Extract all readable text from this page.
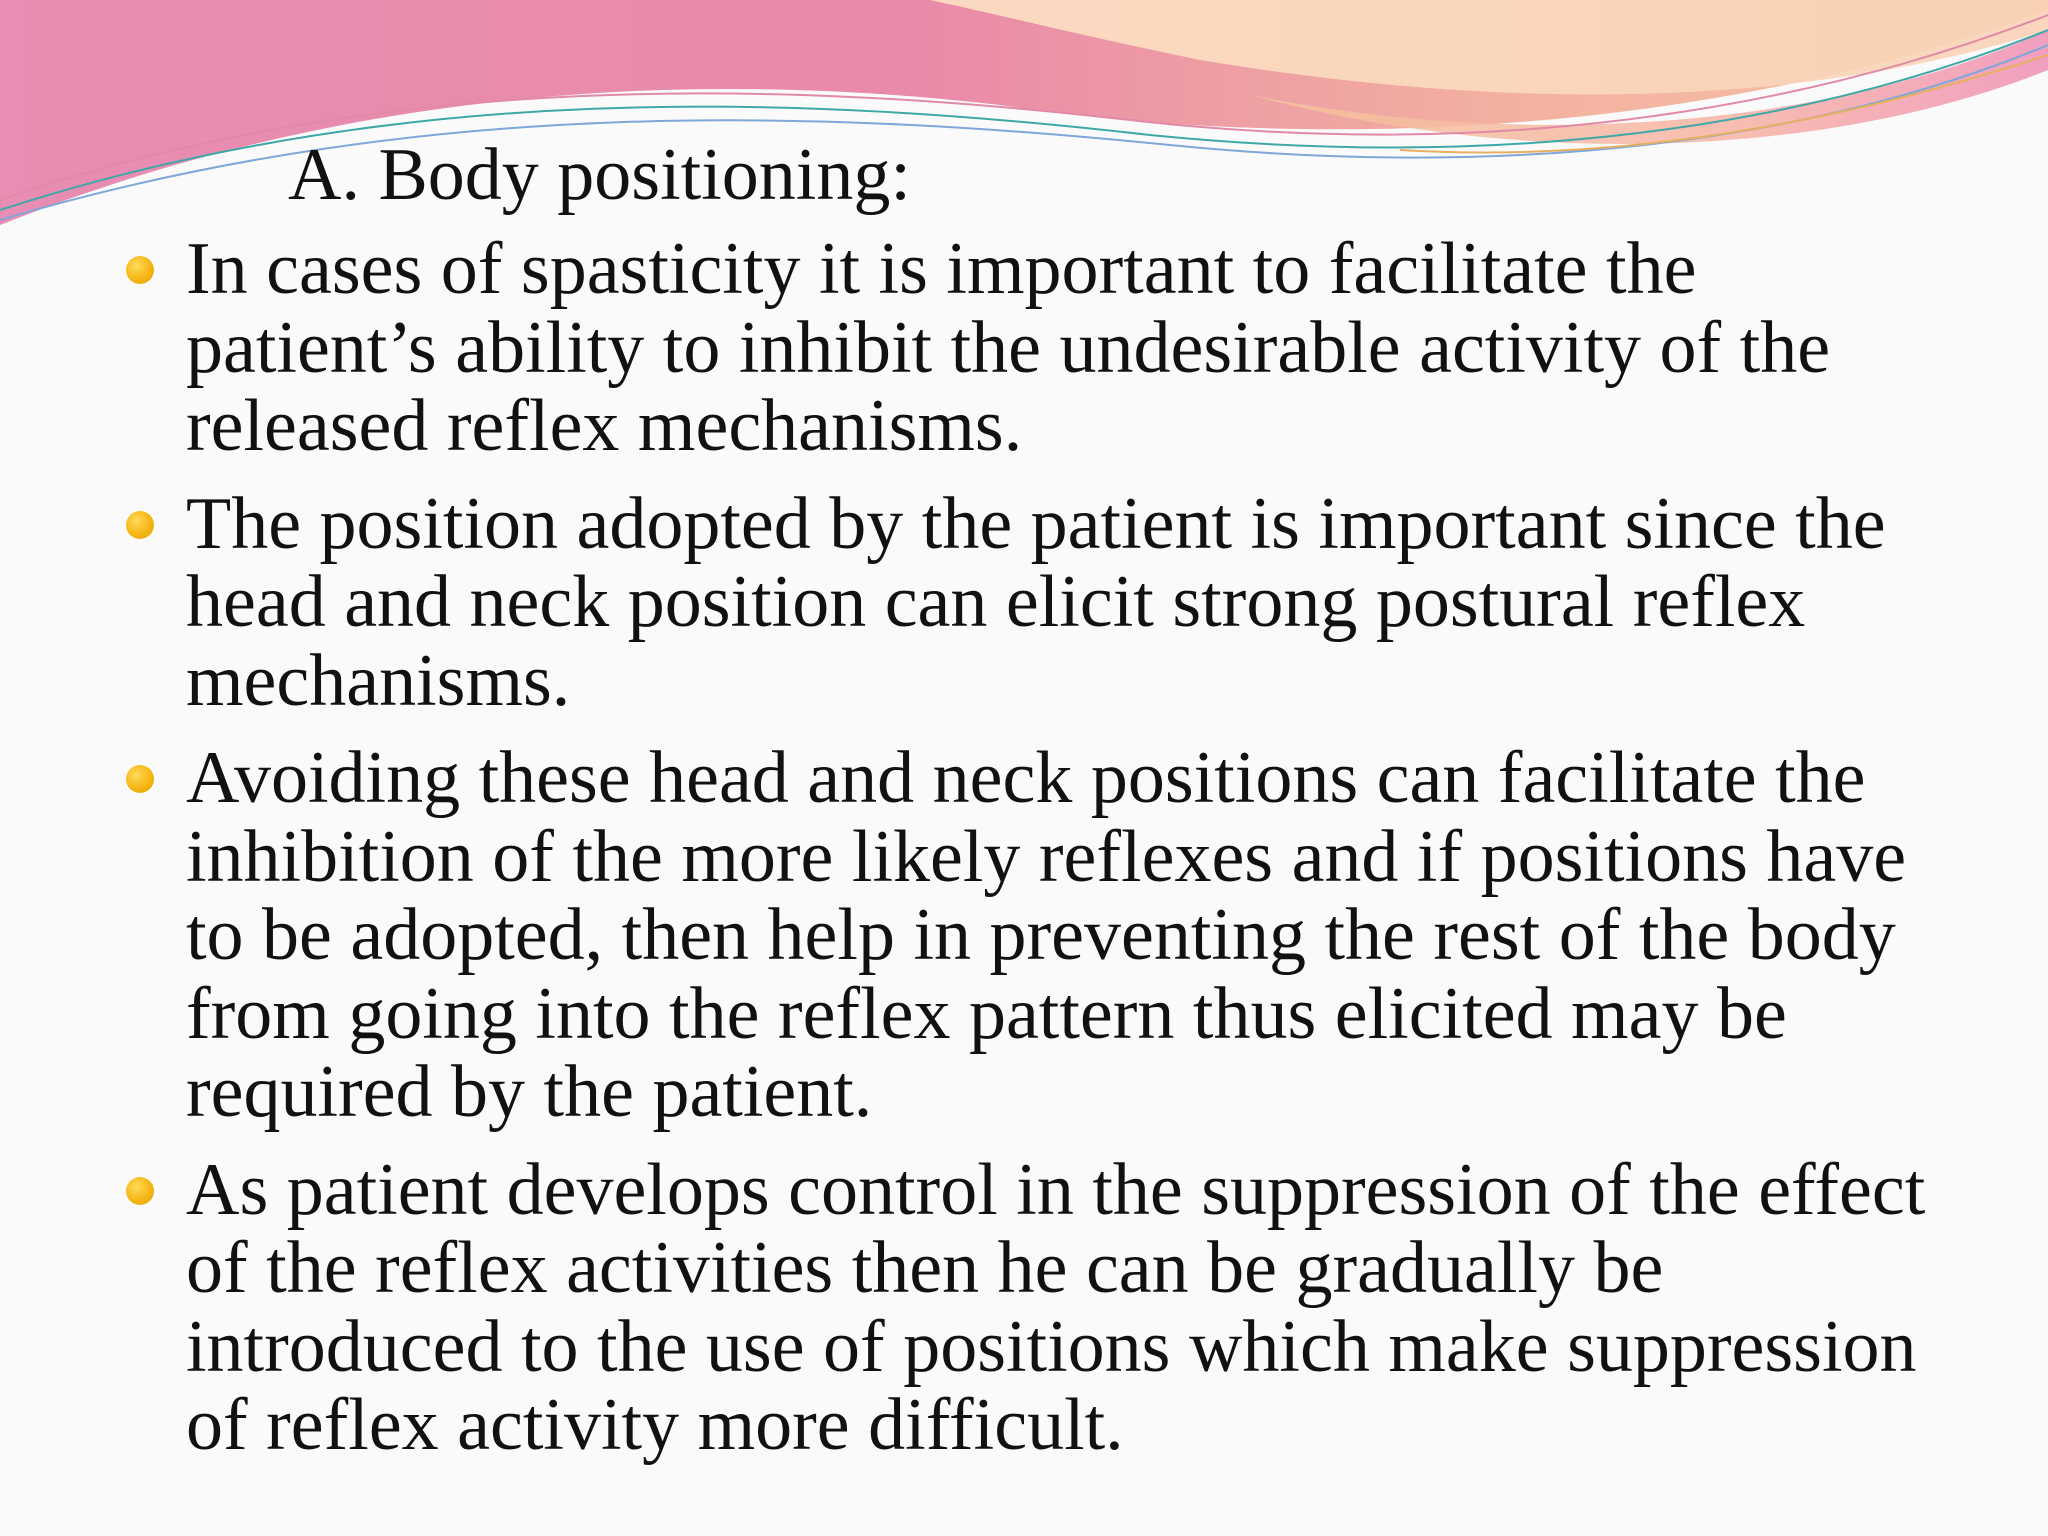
A. Body positioning:
In cases of spasticity it is important to facilitate the patient’s ability to inhibit the undesirable activity of the released reflex mechanisms.
The position adopted by the patient is important since the head and neck position can elicit strong postural reflex mechanisms.
Avoiding these head and neck positions can facilitate the inhibition of the more likely reflexes and if positions have to be adopted, then help in preventing the rest of the body from going into the reflex pattern thus elicited may be required by the patient.
As patient develops control in the suppression of the effect of the reflex activities then he can be gradually be introduced to the use of positions which make suppression of reflex activity more difficult.
